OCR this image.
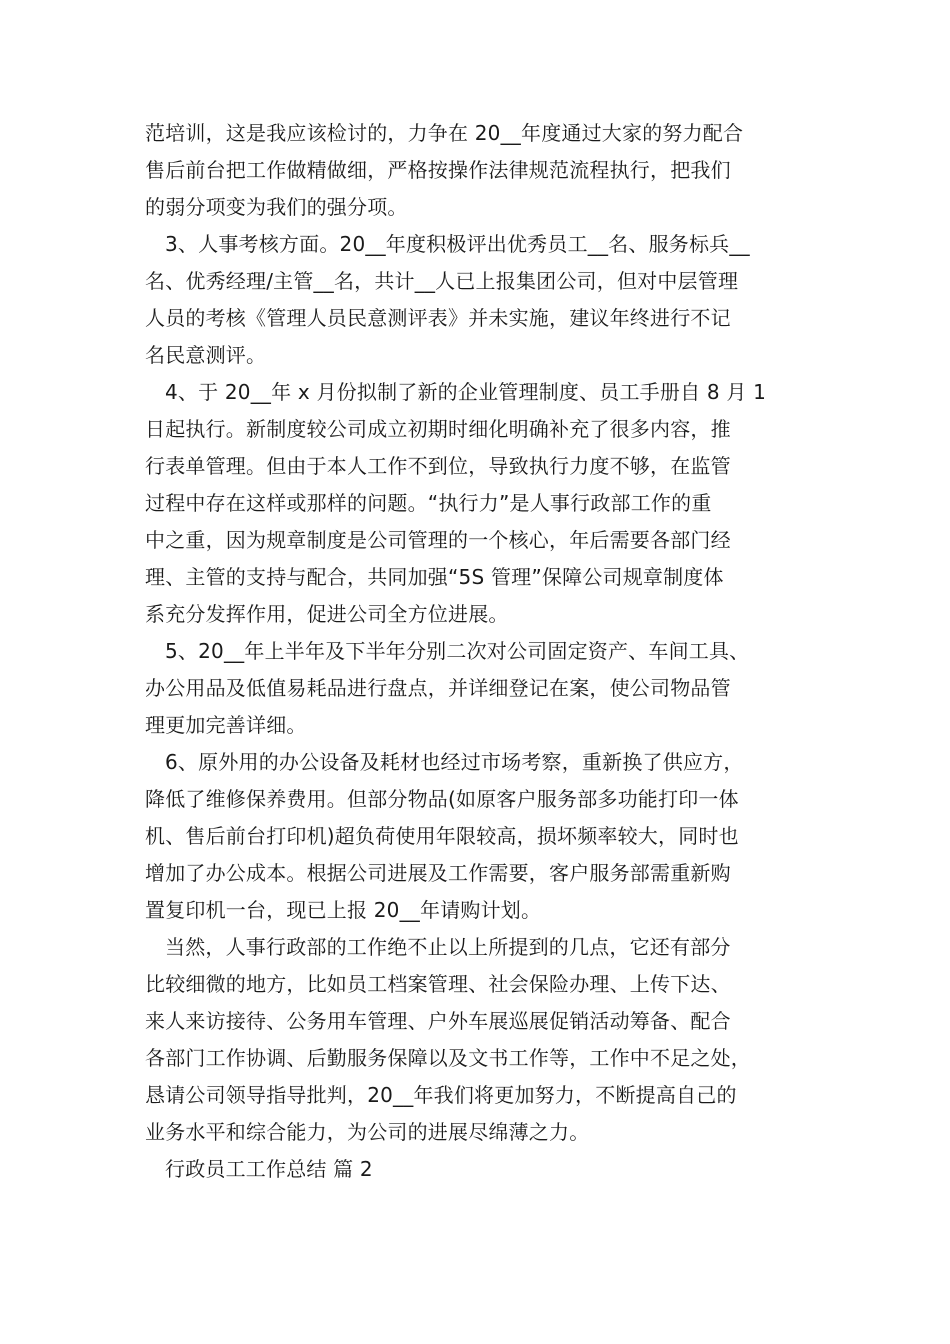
范培训，这是我应该检讨的，力争在 20__年度通过大家的努力配合
售后前台把工作做精做细，严格按操作法律规范流程执行，把我们
的弱分项变为我们的强分项。
3、人事考核方面。20__年度积极评出优秀员工__名、服务标兵__
名、优秀经理/主管__名，共计__人已上报集团公司，但对中层管理
人员的考核《管理人员民意测评表》并未实施，建议年终进行不记
名民意测评。
4、于 20__年 x 月份拟制了新的企业管理制度、员工手册自 8 月 1
日起执行。新制度较公司成立初期时细化明确补充了很多内容，推
行表单管理。但由于本人工作不到位，导致执行力度不够，在监管
过程中存在这样或那样的问题。“执行力”是人事行政部工作的重
中之重，因为规章制度是公司管理的一个核心，年后需要各部门经
理、主管的支持与配合，共同加强“5S 管理”保障公司规章制度体
系充分发挥作用，促进公司全方位进展。
5、20__年上半年及下半年分别二次对公司固定资产、车间工具、
办公用品及低值易耗品进行盘点，并详细登记在案，使公司物品管
理更加完善详细。
6、原外用的办公设备及耗材也经过市场考察，重新换了供应方，
降低了维修保养费用。但部分物品(如原客户服务部多功能打印一体
机、售后前台打印机)超负荷使用年限较高，损坏频率较大，同时也
增加了办公成本。根据公司进展及工作需要，客户服务部需重新购
置复印机一台，现已上报 20__年请购计划。
当然，人事行政部的工作绝不止以上所提到的几点，它还有部分
比较细微的地方，比如员工档案管理、社会保险办理、上传下达、
来人来访接待、公务用车管理、户外车展巡展促销活动筹备、配合
各部门工作协调、后勤服务保障以及文书工作等，工作中不足之处，
恳请公司领导指导批判，20__年我们将更加努力，不断提高自己的
业务水平和综合能力，为公司的进展尽绵薄之力。
行政员工工作总结 篇 2
